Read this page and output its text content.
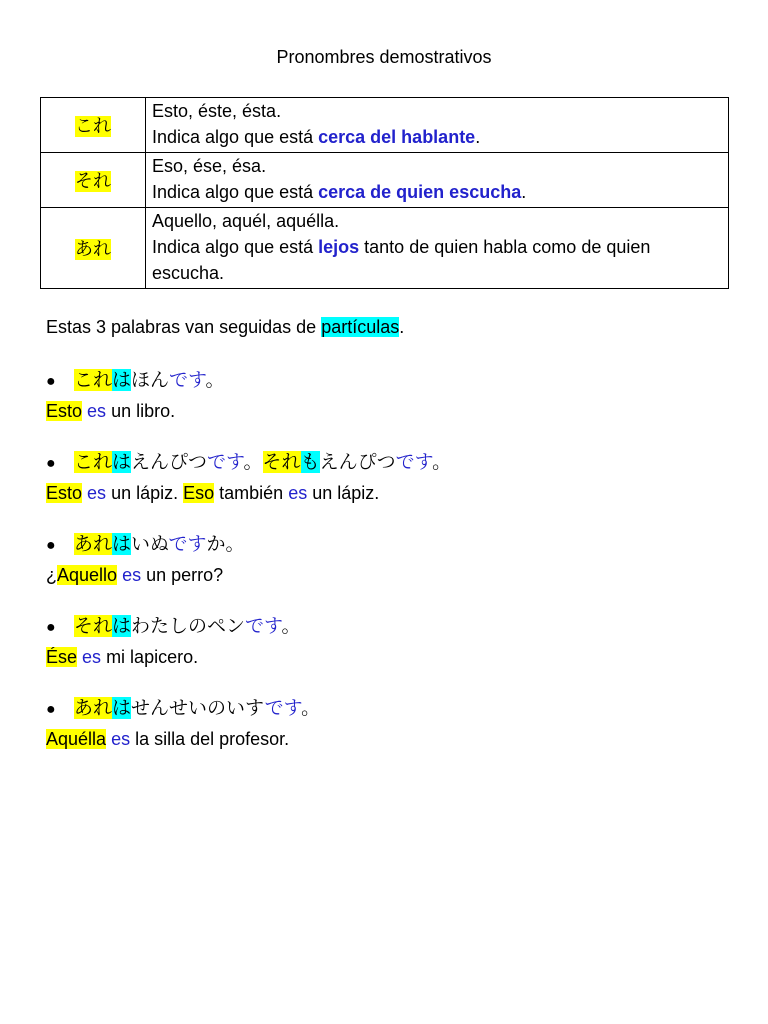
Pronombres demostrativos
これ	Esto, éste, ésta.
Indica algo que está cerca del hablante.

それ	Eso, ése, ésa.
Indica algo que está cerca de quien escucha.

あれ	Aquello, aquél, aquélla.
Indica algo que está lejos tanto de quien habla como de quien escucha.
Estas 3 palabras van seguidas de partículas.
● これはほんです。
Esto es un libro.
● これはえんぴつです。それもえんぴつです。
Esto es un lápiz. Eso también es un lápiz.
● あれはいぬですか。
¿Aquello es un perro?
● それはわたしのペンです。
Ése es mi lapicero.
● あれはせんせいのいすです。
Aquélla es la silla del profesor.
